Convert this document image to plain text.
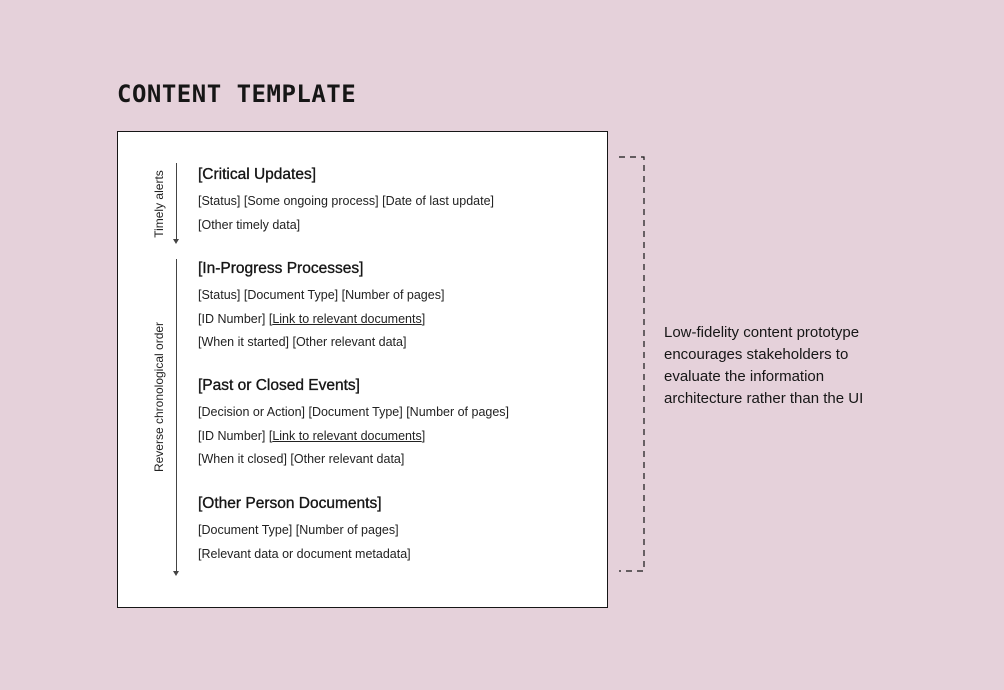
CONTENT TEMPLATE
Timely alerts
Reverse chronological order
[Critical Updates]
[Status] [Some ongoing process] [Date of last update]
[Other timely data]
[In-Progress Processes]
[Status] [Document Type] [Number of pages]
[ID Number] [Link to relevant documents]
[When it started] [Other relevant data]
[Past or Closed Events]
[Decision or Action] [Document Type] [Number of pages]
[ID Number] [Link to relevant documents]
[When it closed] [Other relevant data]
[Other Person Documents]
[Document Type] [Number of pages]
[Relevant data or document metadata]

Low-fidelity content prototype
encourages stakeholders to
evaluate the information
architecture rather than the UI
